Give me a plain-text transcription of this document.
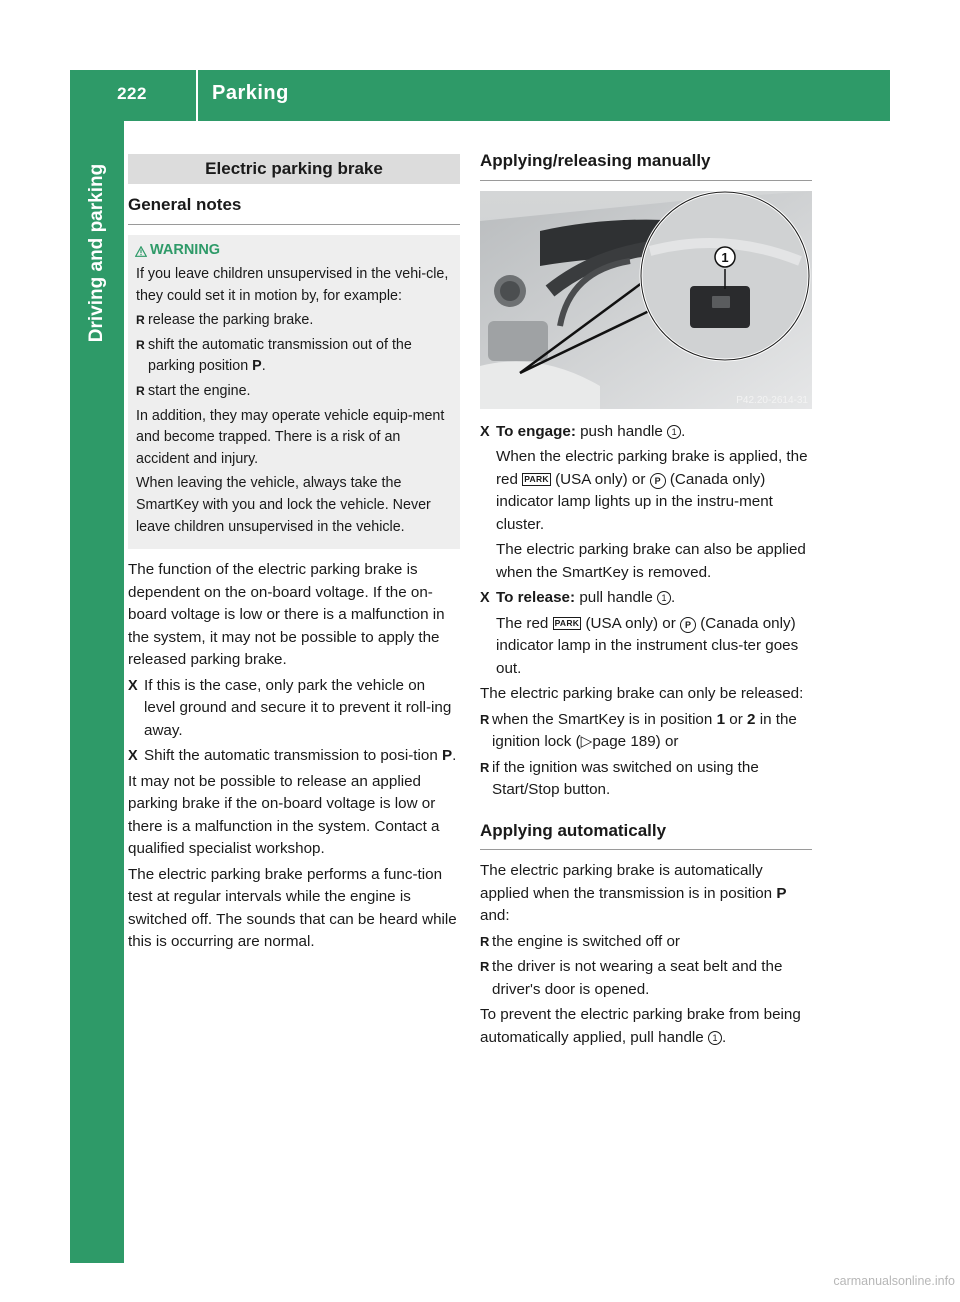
222	Parking
Driving and parking	Electric parking brake
General notes
WARNING
If you leave children unsupervised in the vehi-cle, they could set it in motion by, for example:
R release the parking brake.
R shift the automatic transmission out of the parking position P.
R start the engine.
In addition, they may operate vehicle equip-ment and become trapped. There is a risk of an accident and injury.
When leaving the vehicle, always take the SmartKey with you and lock the vehicle. Never leave children unsupervised in the vehicle.
The function of the electric parking brake is dependent on the on-board voltage. If the on-board voltage is low or there is a malfunction in the system, it may not be possible to apply the released parking brake.
X If this is the case, only park the vehicle on level ground and secure it to prevent it roll-ing away.
X Shift the automatic transmission to posi-tion P.
It may not be possible to release an applied parking brake if the on-board voltage is low or there is a malfunction in the system. Contact a qualified specialist workshop.
The electric parking brake performs a func-tion test at regular intervals while the engine is switched off. The sounds that can be heard while this is occurring are normal.
Applying/releasing manually
1
P42.20-2614-31
X To engage: push handle 1 .
When the electric parking brake is applied, the red PARK (USA only) or P (Canada only) indicator lamp lights up in the instru-ment cluster.
The electric parking brake can also be applied when the SmartKey is removed.
X To release: pull handle 1 .
The red PARK (USA only) or P (Canada only) indicator lamp in the instrument clus-ter goes out.
The electric parking brake can only be released:
R when the SmartKey is in position 1 or 2 in the ignition lock (▷page 189) or
R if the ignition was switched on using the Start/Stop button.
Applying automatically
The electric parking brake is automatically applied when the transmission is in position P and:
R the engine is switched off or
R the driver is not wearing a seat belt and the driver's door is opened.
To prevent the electric parking brake from being automatically applied, pull handle 1 .
carmanualsonline.info
